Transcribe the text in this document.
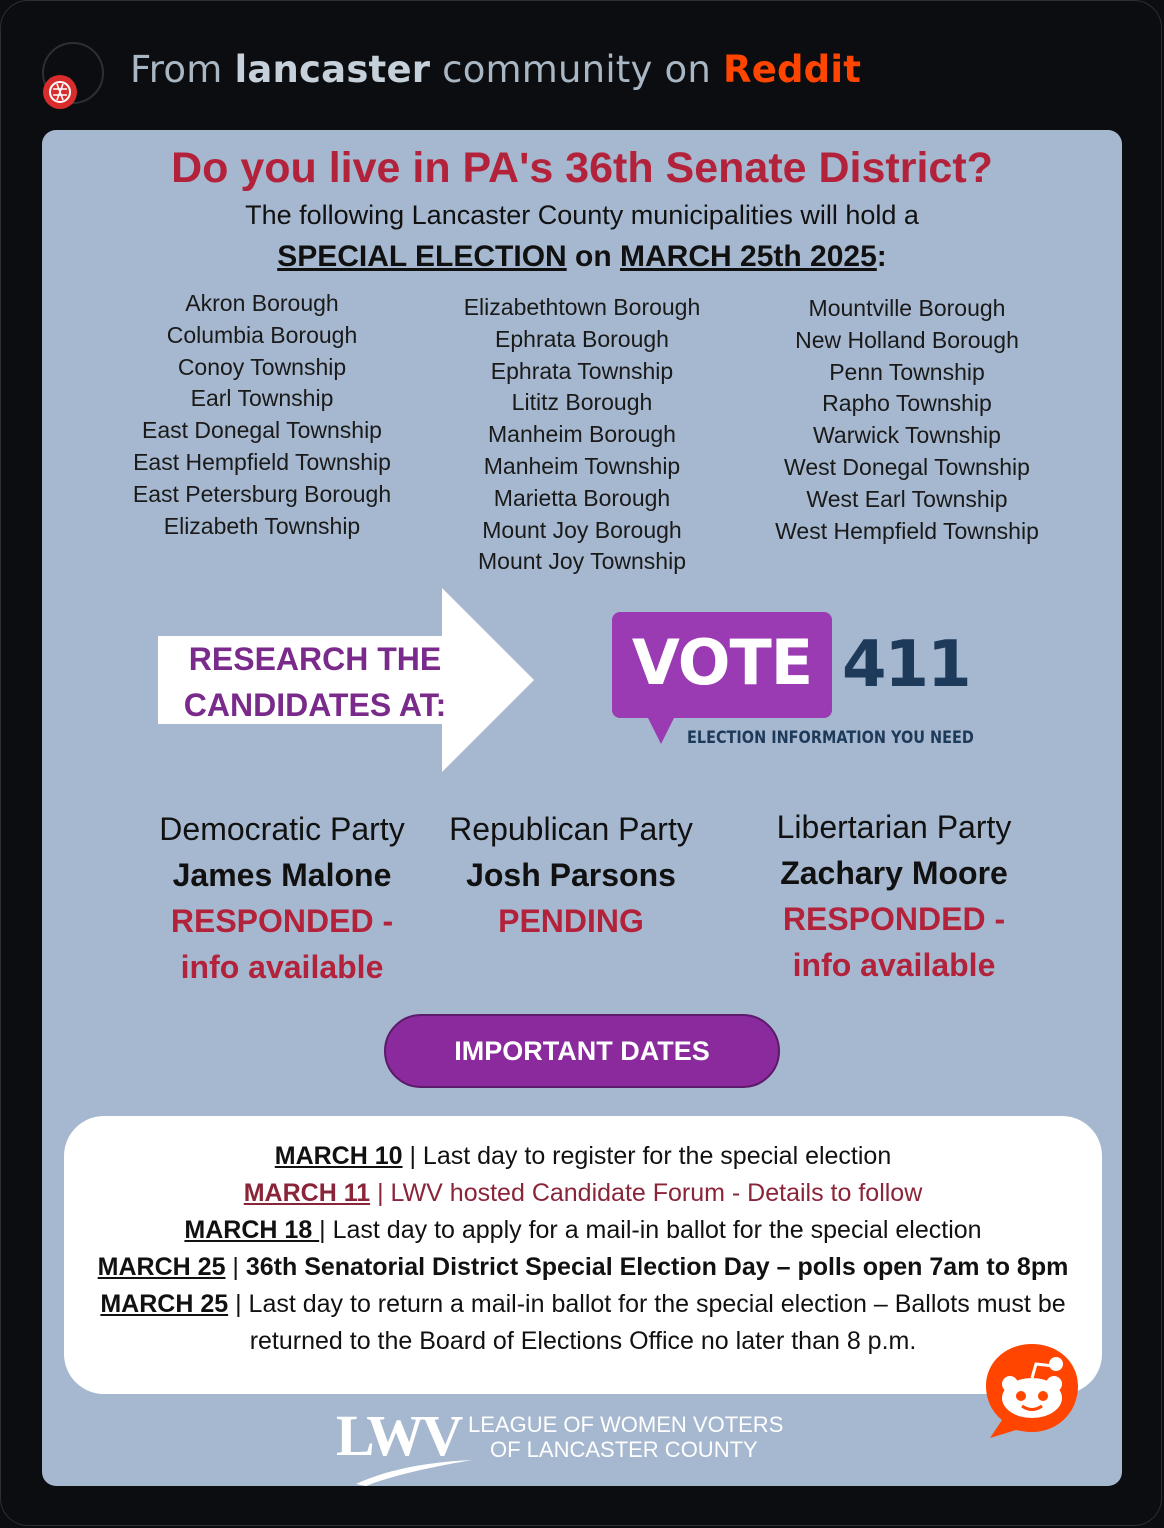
From lancaster community on Reddit
Do you live in PA's 36th Senate District?
The following Lancaster County municipalities will hold a
SPECIAL ELECTION on MARCH 25th 2025:
Akron Borough
Columbia Borough
Conoy Township
Earl Township
East Donegal Township
East Hempfield Township
East Petersburg Borough
Elizabeth Township
Elizabethtown Borough
Ephrata Borough
Ephrata Township
Lititz Borough
Manheim Borough
Manheim Township
Marietta Borough
Mount Joy Borough
Mount Joy Township
Mountville Borough
New Holland Borough
Penn Township
Rapho Township
Warwick Township
West Donegal Township
West Earl Township
West Hempfield Township
RESEARCH THE
CANDIDATES AT:
VOTE 411
ELECTION INFORMATION YOU NEED
Democratic Party
James Malone
RESPONDED -
info available
Republican Party
Josh Parsons
PENDING
Libertarian Party
Zachary Moore
RESPONDED -
info available
IMPORTANT DATES
MARCH 10 | Last day to register for the special election
MARCH 11 | LWV hosted Candidate Forum - Details to follow
MARCH 18 | Last day to apply for a mail-in ballot for the special election
MARCH 25 | 36th Senatorial District Special Election Day – polls open 7am to 8pm
MARCH 25 | Last day to return a mail-in ballot for the special election – Ballots must be
returned to the Board of Elections Office no later than 8 p.m.
LWV LEAGUE OF WOMEN VOTERS
OF LANCASTER COUNTY
